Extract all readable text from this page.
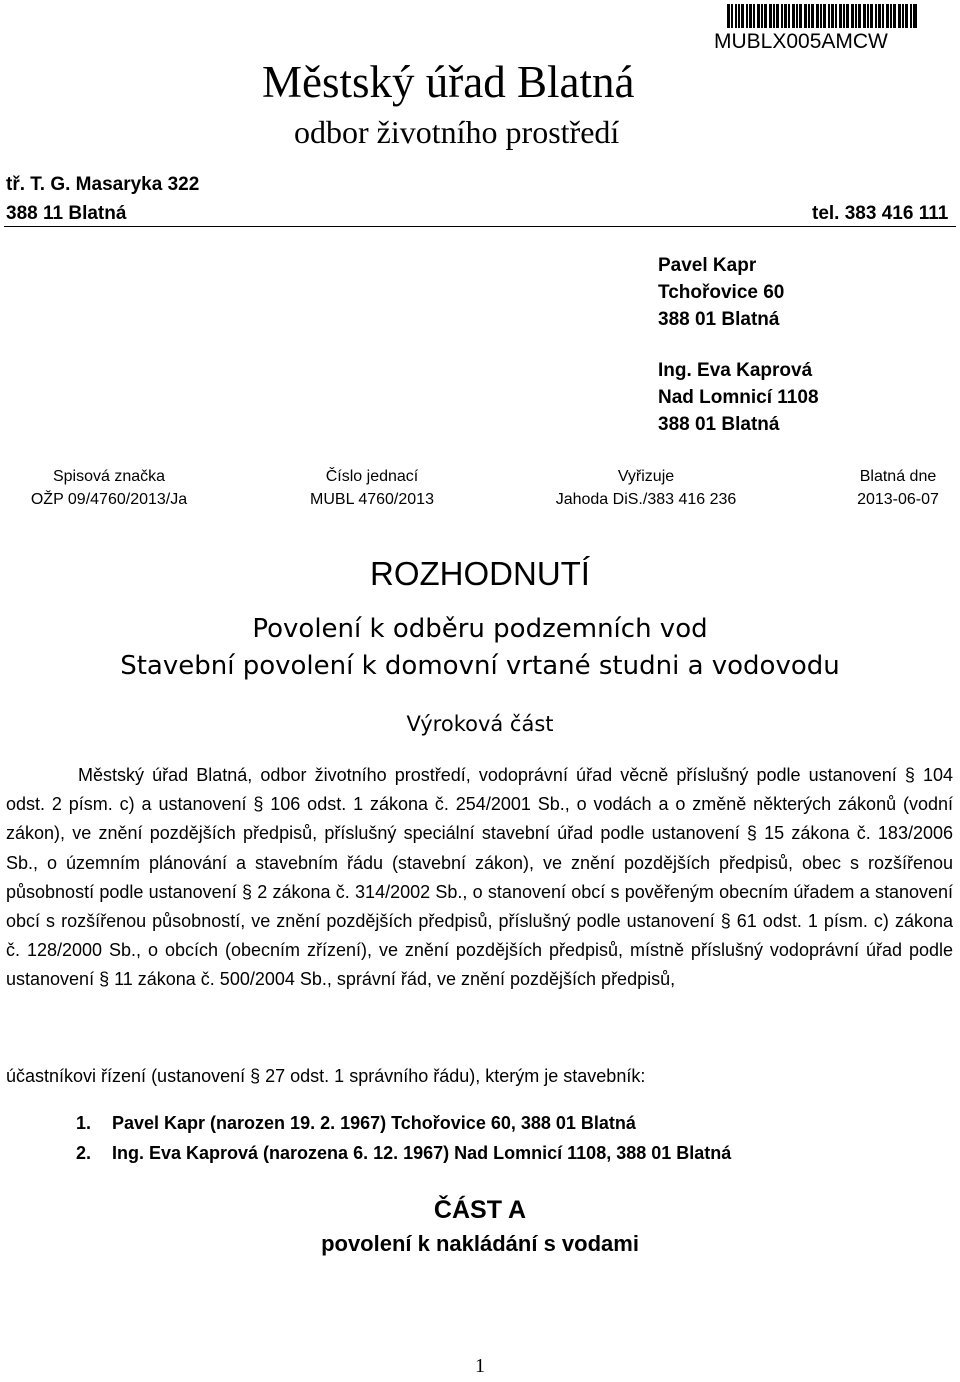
MUBLX005AMCW
Městský úřad Blatná
odbor životního prostředí
tř. T. G. Masaryka 322
388 11 Blatná	tel. 383 416 111
Pavel Kapr
Tchořovice 60
388 01 Blatná
Ing. Eva Kaprová
Nad Lomnicí 1108
388 01 Blatná
Spisová značka
OŽP 09/4760/2013/Ja
Číslo jednací
MUBL 4760/2013
Vyřizuje
Jahoda DiS./383 416 236
Blatná dne
2013-06-07
ROZHODNUTÍ
Povolení k odběru podzemních vod
Stavební povolení k domovní vrtané studni a vodovodu
Výroková část

Městský úřad Blatná, odbor životního prostředí, vodoprávní úřad věcně příslušný podle ustanovení § 104 odst. 2 písm. c) a ustanovení § 106 odst. 1 zákona č. 254/2001 Sb., o vodách a o změně některých zákonů (vodní zákon), ve znění pozdějších předpisů, příslušný speciální stavební úřad podle ustanovení § 15 zákona č. 183/2006 Sb., o územním plánování a stavebním řádu (stavební zákon), ve znění pozdějších předpisů, obec s rozšířenou působností podle ustanovení § 2 zákona č. 314/2002 Sb., o stanovení obcí s pověřeným obecním úřadem a stanovení obcí s rozšířenou působností, ve znění pozdějších předpisů, příslušný podle ustanovení § 61 odst. 1 písm. c) zákona č. 128/2000 Sb., o obcích (obecním zřízení), ve znění pozdějších předpisů, místně příslušný vodoprávní úřad podle ustanovení § 11 zákona č. 500/2004 Sb., správní řád, ve znění pozdějších předpisů,

účastníkovi řízení (ustanovení § 27 odst. 1 správního řádu), kterým je stavebník:
1. Pavel Kapr (narozen 19. 2. 1967) Tchořovice 60, 388 01 Blatná
2. Ing. Eva Kaprová (narozena 6. 12. 1967) Nad Lomnicí 1108, 388 01 Blatná
ČÁST A
povolení k nakládání s vodami
1
